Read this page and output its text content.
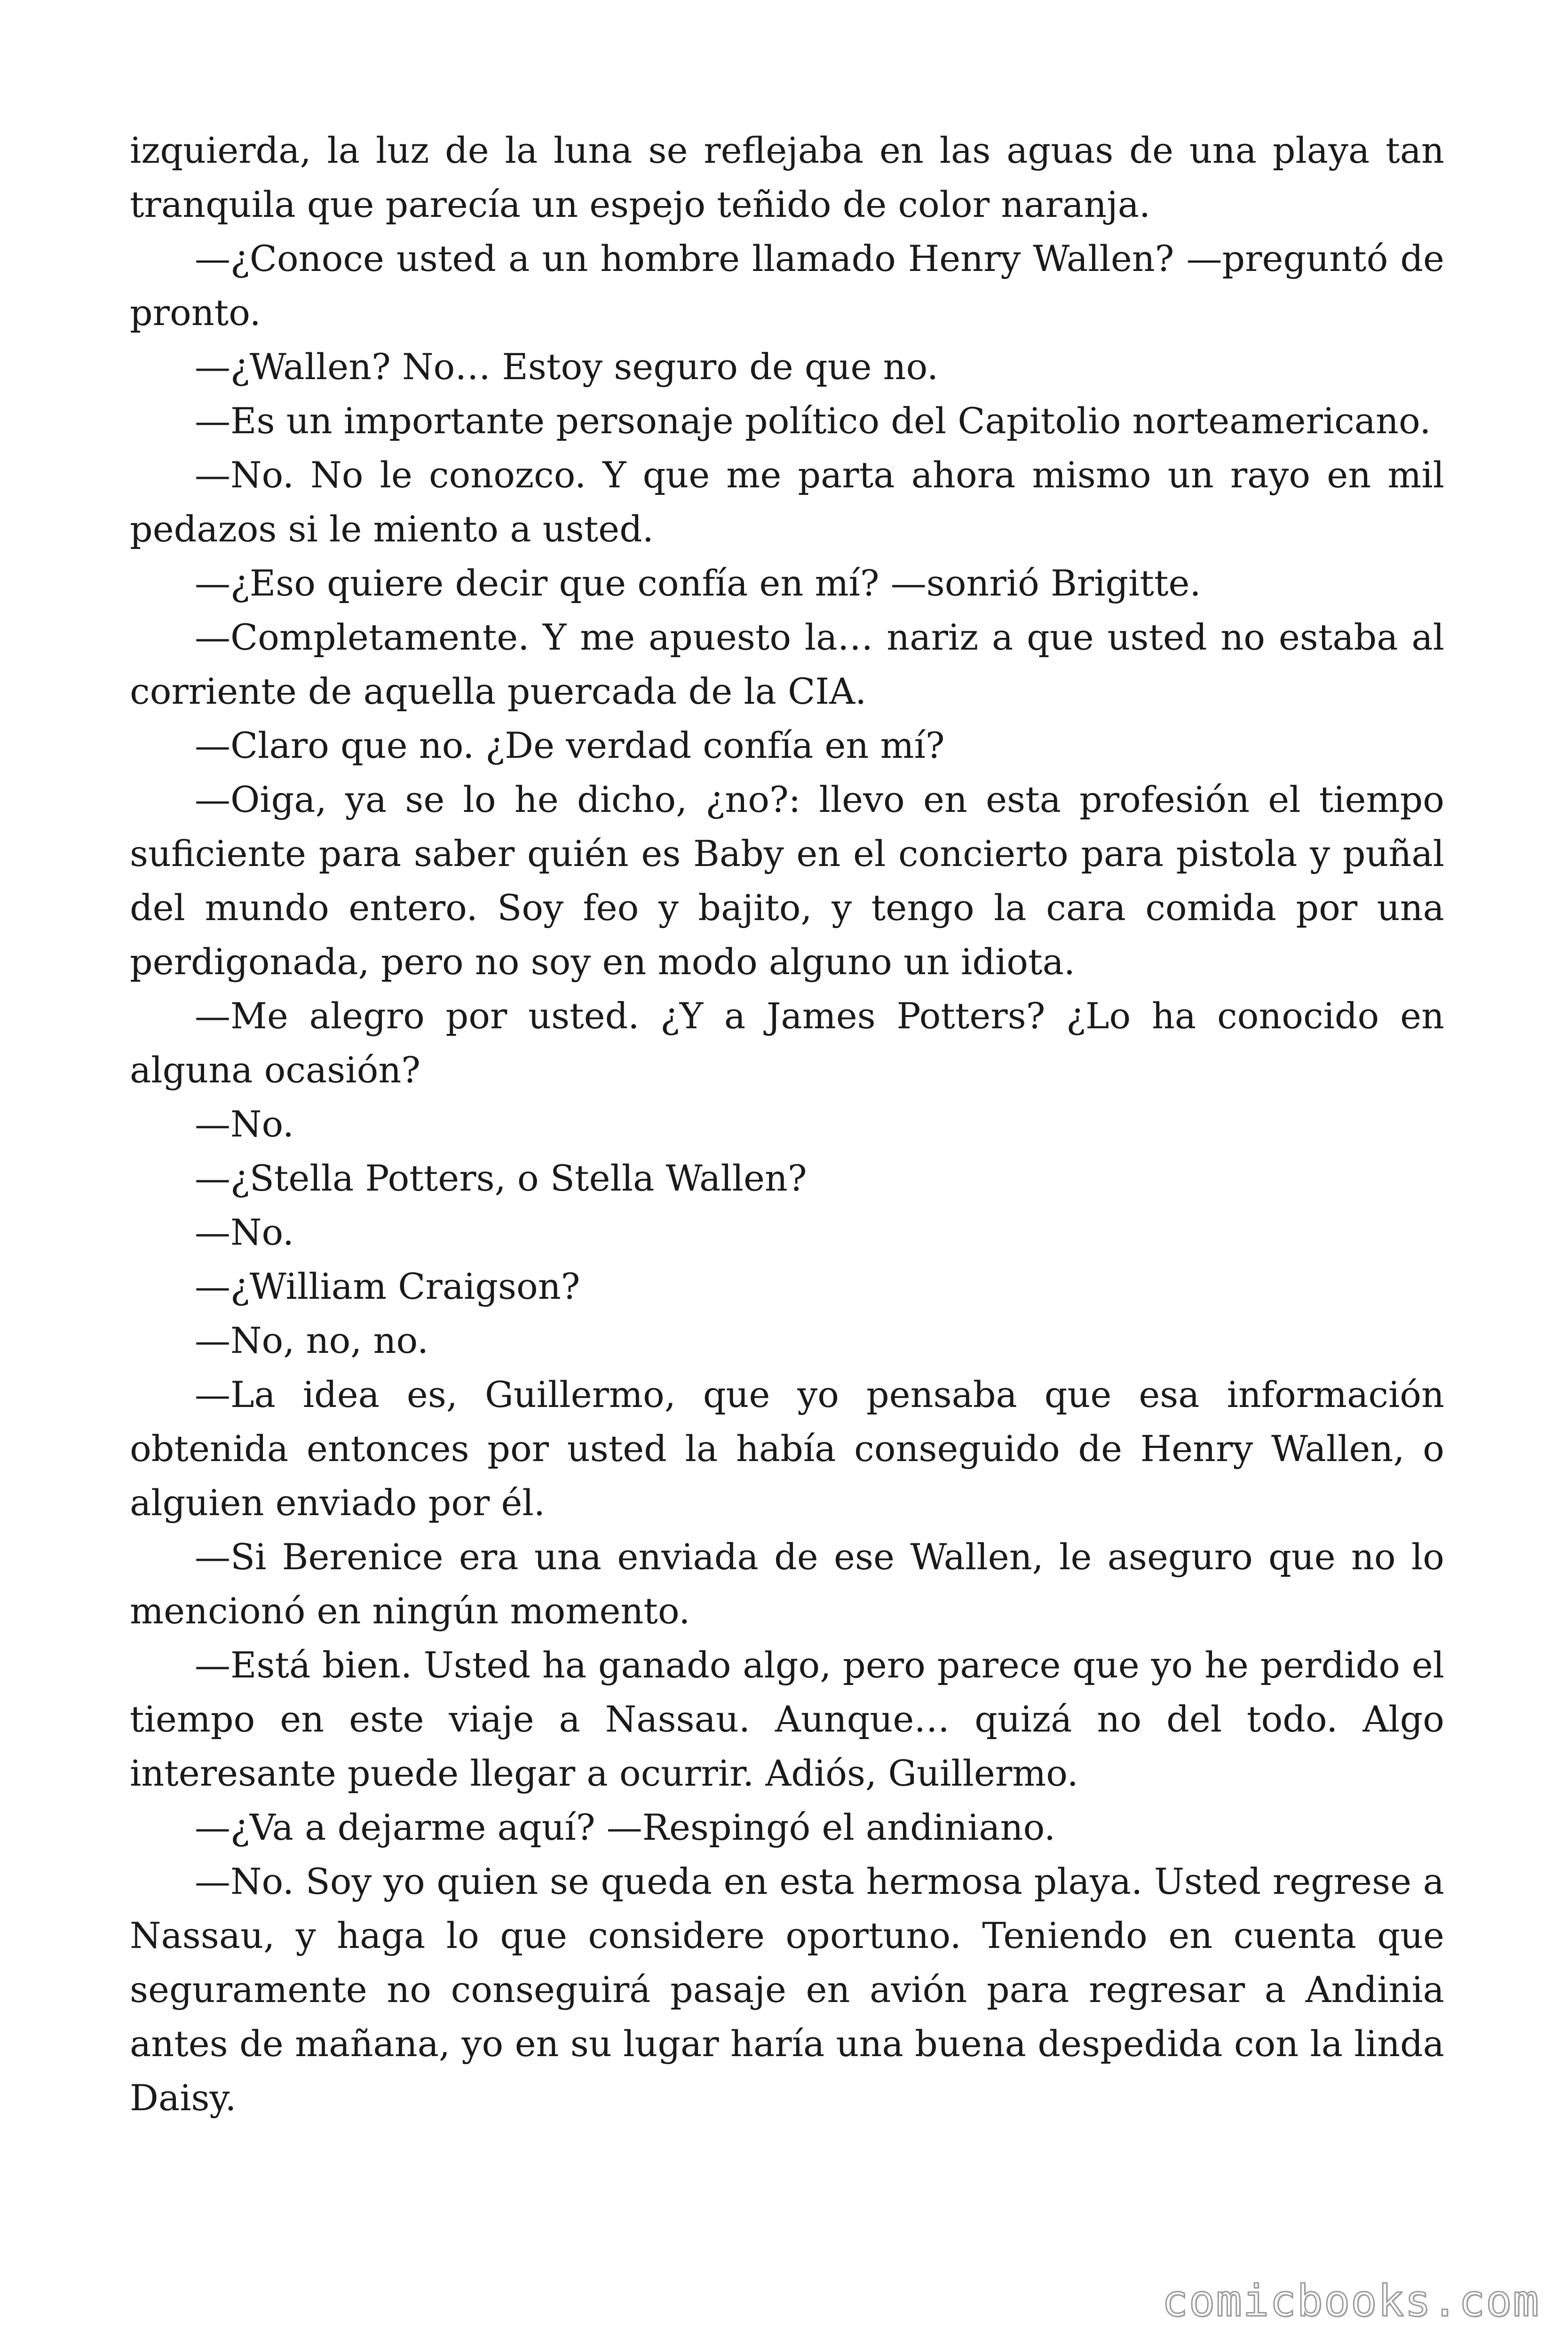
izquierda, la luz de la luna se reflejaba en las aguas de una playa tan tranquila que parecía un espejo teñido de color naranja.

—¿Conoce usted a un hombre llamado Henry Wallen? —preguntó de pronto.

—¿Wallen? No… Estoy seguro de que no.

—Es un importante personaje político del Capitolio norteamericano.

—No. No le conozco. Y que me parta ahora mismo un rayo en mil pedazos si le miento a usted.

—¿Eso quiere decir que confía en mí? —sonrió Brigitte.

—Completamente. Y me apuesto la… nariz a que usted no estaba al corriente de aquella puercada de la CIA.

—Claro que no. ¿De verdad confía en mí?

—Oiga, ya se lo he dicho, ¿no?: llevo en esta profesión el tiempo suficiente para saber quién es Baby en el concierto para pistola y puñal del mundo entero. Soy feo y bajito, y tengo la cara comida por una perdigonada, pero no soy en modo alguno un idiota.

—Me alegro por usted. ¿Y a James Potters? ¿Lo ha conocido en alguna ocasión?

—No.

—¿Stella Potters, o Stella Wallen?

—No.

—¿William Craigson?

—No, no, no.

—La idea es, Guillermo, que yo pensaba que esa información obtenida entonces por usted la había conseguido de Henry Wallen, o alguien enviado por él.

—Si Berenice era una enviada de ese Wallen, le aseguro que no lo mencionó en ningún momento.

—Está bien. Usted ha ganado algo, pero parece que yo he perdido el tiempo en este viaje a Nassau. Aunque… quizá no del todo. Algo interesante puede llegar a ocurrir. Adiós, Guillermo.

—¿Va a dejarme aquí? —Respingó el andiniano.

—No. Soy yo quien se queda en esta hermosa playa. Usted regrese a Nassau, y haga lo que considere oportuno. Teniendo en cuenta que seguramente no conseguirá pasaje en avión para regresar a Andinia antes de mañana, yo en su lugar haría una buena despedida con la linda Daisy.

comicbooks.com
